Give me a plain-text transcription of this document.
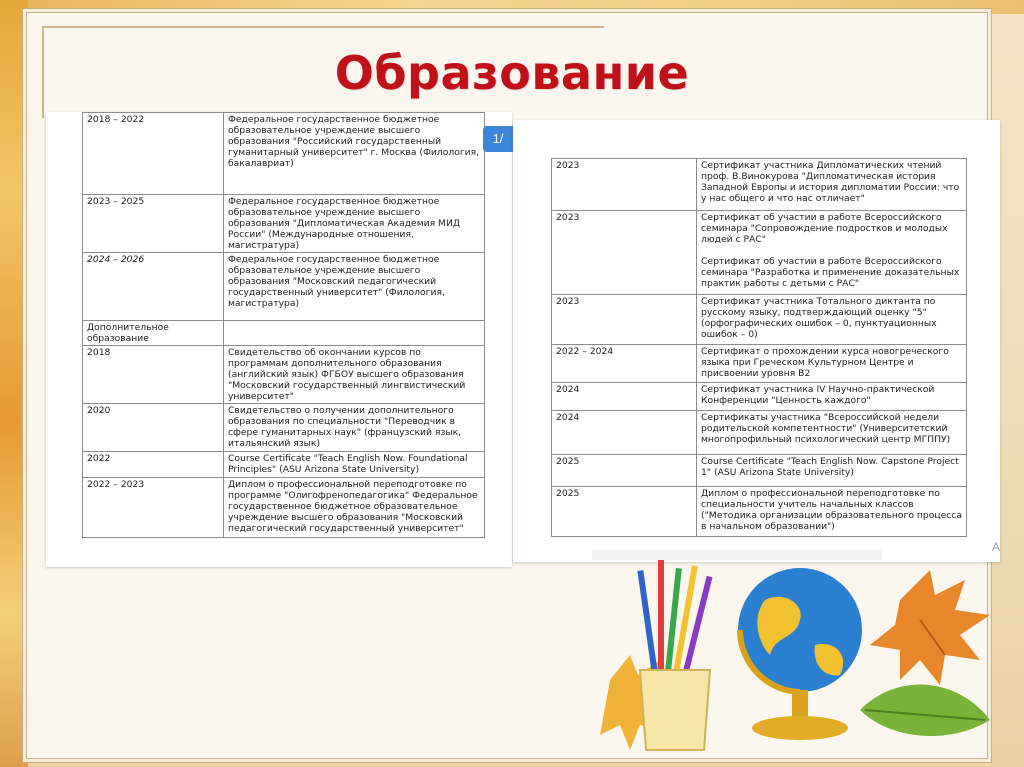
Образование
2018 – 2022	Федеральное государственное бюджетное образовательное учреждение высшего образования "Российский государственный гуманитарный университет" г. Москва (Филология, бакалавриат)
2023 – 2025	Федеральное государственное бюджетное образовательное учреждение высшего образования "Дипломатическая Академия МИД России" (Международные отношения, магистратура)
2024 – 2026	Федеральное государственное бюджетное образовательное учреждение высшего образования "Московский педагогический государственный университет" (Филология, магистратура)
Дополнительное образование	
2018	Свидетельство об окончании курсов по программам дополнительного образования (английский язык) ФГБОУ высшего образования "Московский государственный лингвистический университет"
2020	Свидетельство о получении дополнительного образования по специальности "Переводчик в сфере гуманитарных наук" (французский язык, итальянский язык)
2022	Course Certificate "Teach English Now. Foundational Principles" (ASU Arizona State University)
2022 – 2023	Диплом о профессиональной переподготовке по программе "Олигофренопедагогика" Федеральное государственное бюджетное образовательное учреждение высшего образования "Московский педагогический государственный университет"
1/
2023	Сертификат участника Дипломатических чтений проф. В.Винокурова "Дипломатическая история Западной Европы и история дипломатии России: что у нас общего и что нас отличает"
2023	Сертификат об участии в работе Всероссийского семинара "Сопровождение подростков и молодых людей с РАС"

Сертификат об участии в работе Всероссийского семинара "Разработка и применение доказательных практик работы с детьми с РАС"
2023	Сертификат участника Тотального диктанта по русскому языку, подтверждающий оценку "5" (орфографических ошибок – 0, пунктуационных ошибок – 0)
2022 – 2024	Сертификат о прохождении курса новогреческого языка при Греческом Культурном Центре и присвоении уровня B2
2024	Сертификат участника IV Научно-практической Конференции "Ценность каждого"
2024	Сертификаты участника "Всероссийской недели родительской компетентности" (Университетский многопрофильный психологический центр МГППУ)
2025	Course Certificate "Teach English Now. Capstone Project 1" (ASU Arizona State University)
2025	Диплом о профессиональной переподготовке по специальности учитель начальных классов ("Методика организации образовательного процесса в начальном образовании")
A
